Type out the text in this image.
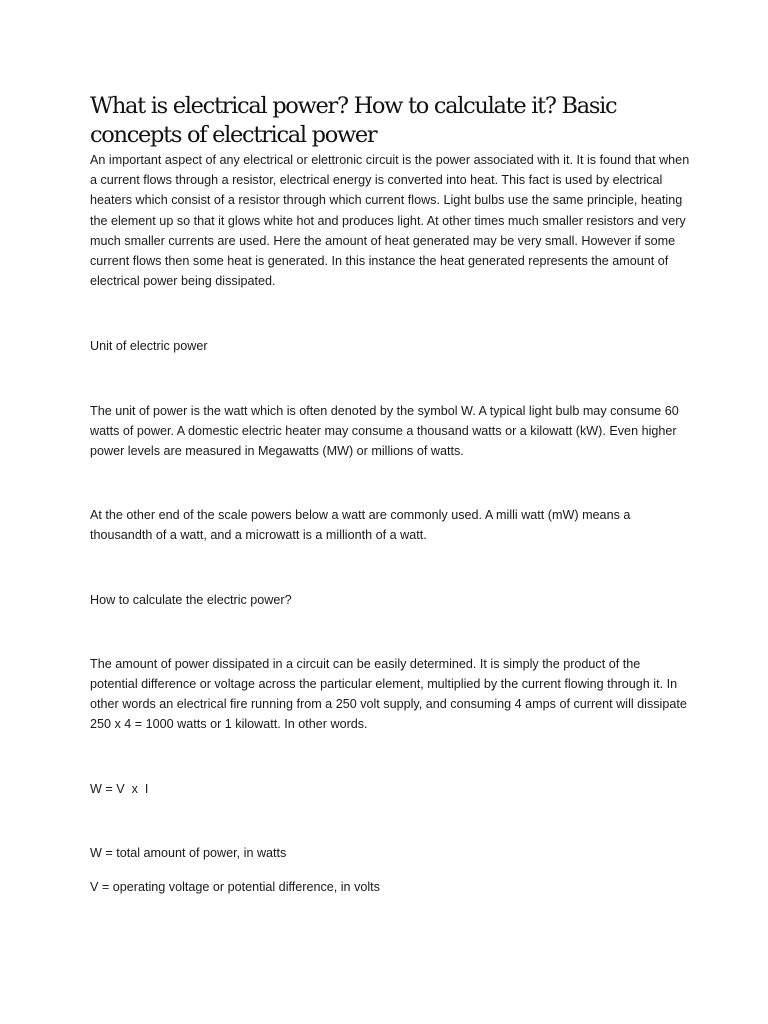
What is electrical power? How to calculate it? Basic concepts of electrical power

An important aspect of any electrical or elettronic circuit is the power associated with it. It is found that when a current flows through a resistor, electrical energy is converted into heat. This fact is used by electrical heaters which consist of a resistor through which current flows. Light bulbs use the same principle, heating the element up so that it glows white hot and produces light. At other times much smaller resistors and very much smaller currents are used. Here the amount of heat generated may be very small. However if some current flows then some heat is generated. In this instance the heat generated represents the amount of electrical power being dissipated.

Unit of electric power

The unit of power is the watt which is often denoted by the symbol W. A typical light bulb may consume 60 watts of power. A domestic electric heater may consume a thousand watts or a kilowatt (kW). Even higher power levels are measured in Megawatts (MW) or millions of watts.

At the other end of the scale powers below a watt are commonly used. A milli watt (mW) means a thousandth of a watt, and a microwatt is a millionth of a watt.

How to calculate the electric power?

The amount of power dissipated in a circuit can be easily determined. It is simply the product of the potential difference or voltage across the particular element, multiplied by the current flowing through it. In other words an electrical fire running from a 250 volt supply, and consuming 4 amps of current will dissipate 250 x 4 = 1000 watts or 1 kilowatt. In other words.

W = V  x  I

W = total amount of power, in watts

V = operating voltage or potential difference, in volts
